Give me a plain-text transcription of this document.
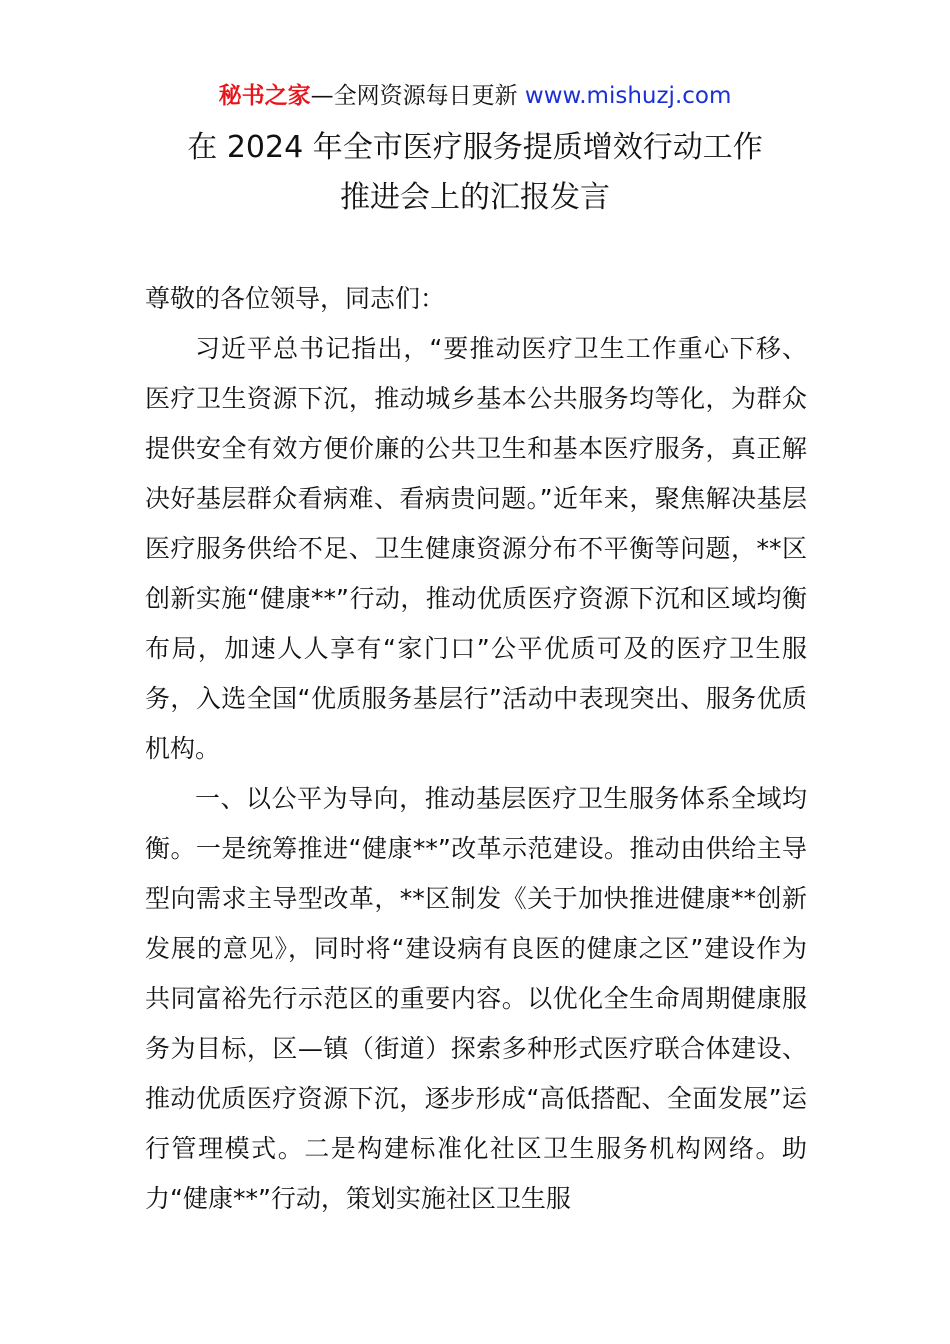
秘书之家—全网资源每日更新 www.mishuzj.com
在 2024 年全市医疗服务提质增效行动工作
推进会上的汇报发言
尊敬的各位领导，同志们：

习近平总书记指出，“要推动医疗卫生工作重心下移、医疗卫生资源下沉，推动城乡基本公共服务均等化，为群众提供安全有效方便价廉的公共卫生和基本医疗服务，真正解决好基层群众看病难、看病贵问题。”近年来，聚焦解决基层医疗服务供给不足、卫生健康资源分布不平衡等问题，**区创新实施“健康**”行动，推动优质医疗资源下沉和区域均衡布局，加速人人享有“家门口”公平优质可及的医疗卫生服务，入选全国“优质服务基层行”活动中表现突出、服务优质机构。

一、以公平为导向，推动基层医疗卫生服务体系全域均衡。一是统筹推进“健康**”改革示范建设。推动由供给主导型向需求主导型改革，**区制发《关于加快推进健康**创新发展的意见》，同时将“建设病有良医的健康之区”建设作为共同富裕先行示范区的重要内容。以优化全生命周期健康服务为目标，区—镇（街道）探索多种形式医疗联合体建设、推动优质医疗资源下沉，逐步形成“高低搭配、全面发展”运行管理模式。二是构建标准化社区卫生服务机构网络。助力“健康**”行动，策划实施社区卫生服
